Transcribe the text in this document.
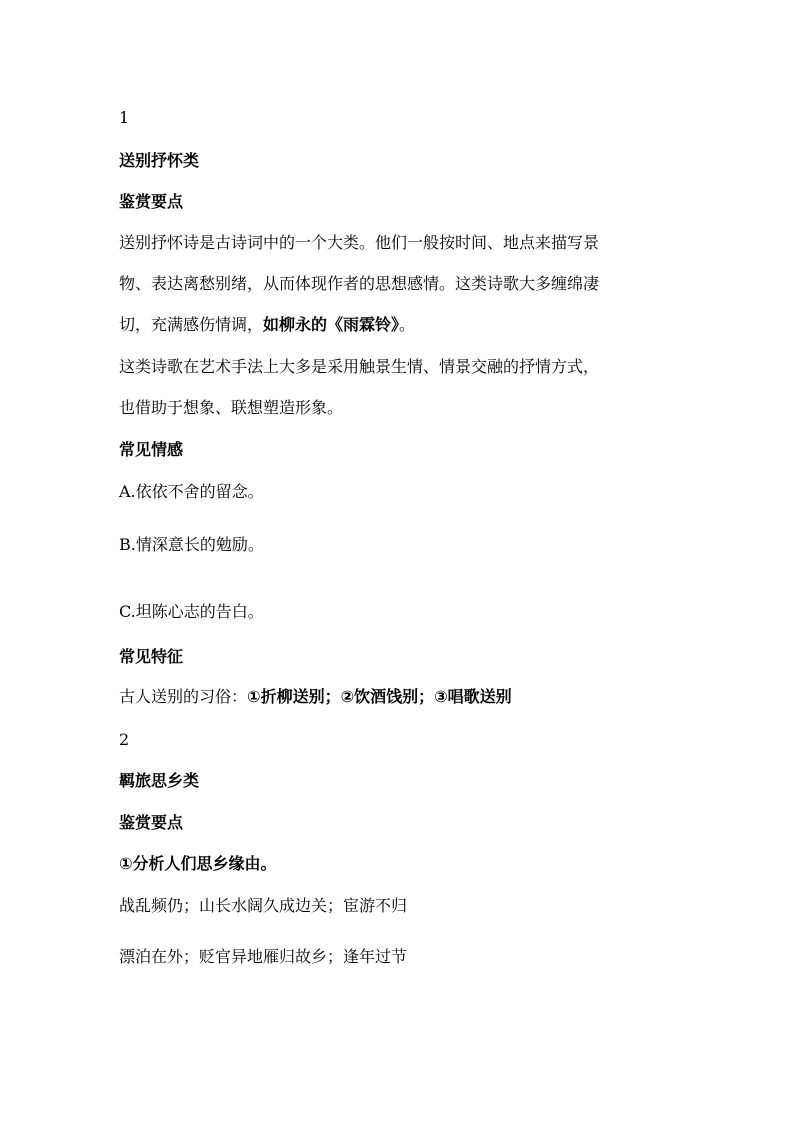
1
送别抒怀类
鉴赏要点
送别抒怀诗是古诗词中的一个大类。他们一般按时间、地点来描写景
物、表达离愁别绪，从而体现作者的思想感情。这类诗歌大多缠绵凄
切，充满感伤情调，如柳永的《雨霖铃》。
这类诗歌在艺术手法上大多是采用触景生情、情景交融的抒情方式，
也借助于想象、联想塑造形象。
常见情感
A.依依不舍的留念。
B.情深意长的勉励。
C.坦陈心志的告白。
常见特征
古人送别的习俗：①折柳送别；②饮酒饯别；③唱歌送别
2
羁旅思乡类
鉴赏要点
①分析人们思乡缘由。
战乱频仍；山长水阔久成边关；宦游不归
漂泊在外；贬官异地雁归故乡；逢年过节
